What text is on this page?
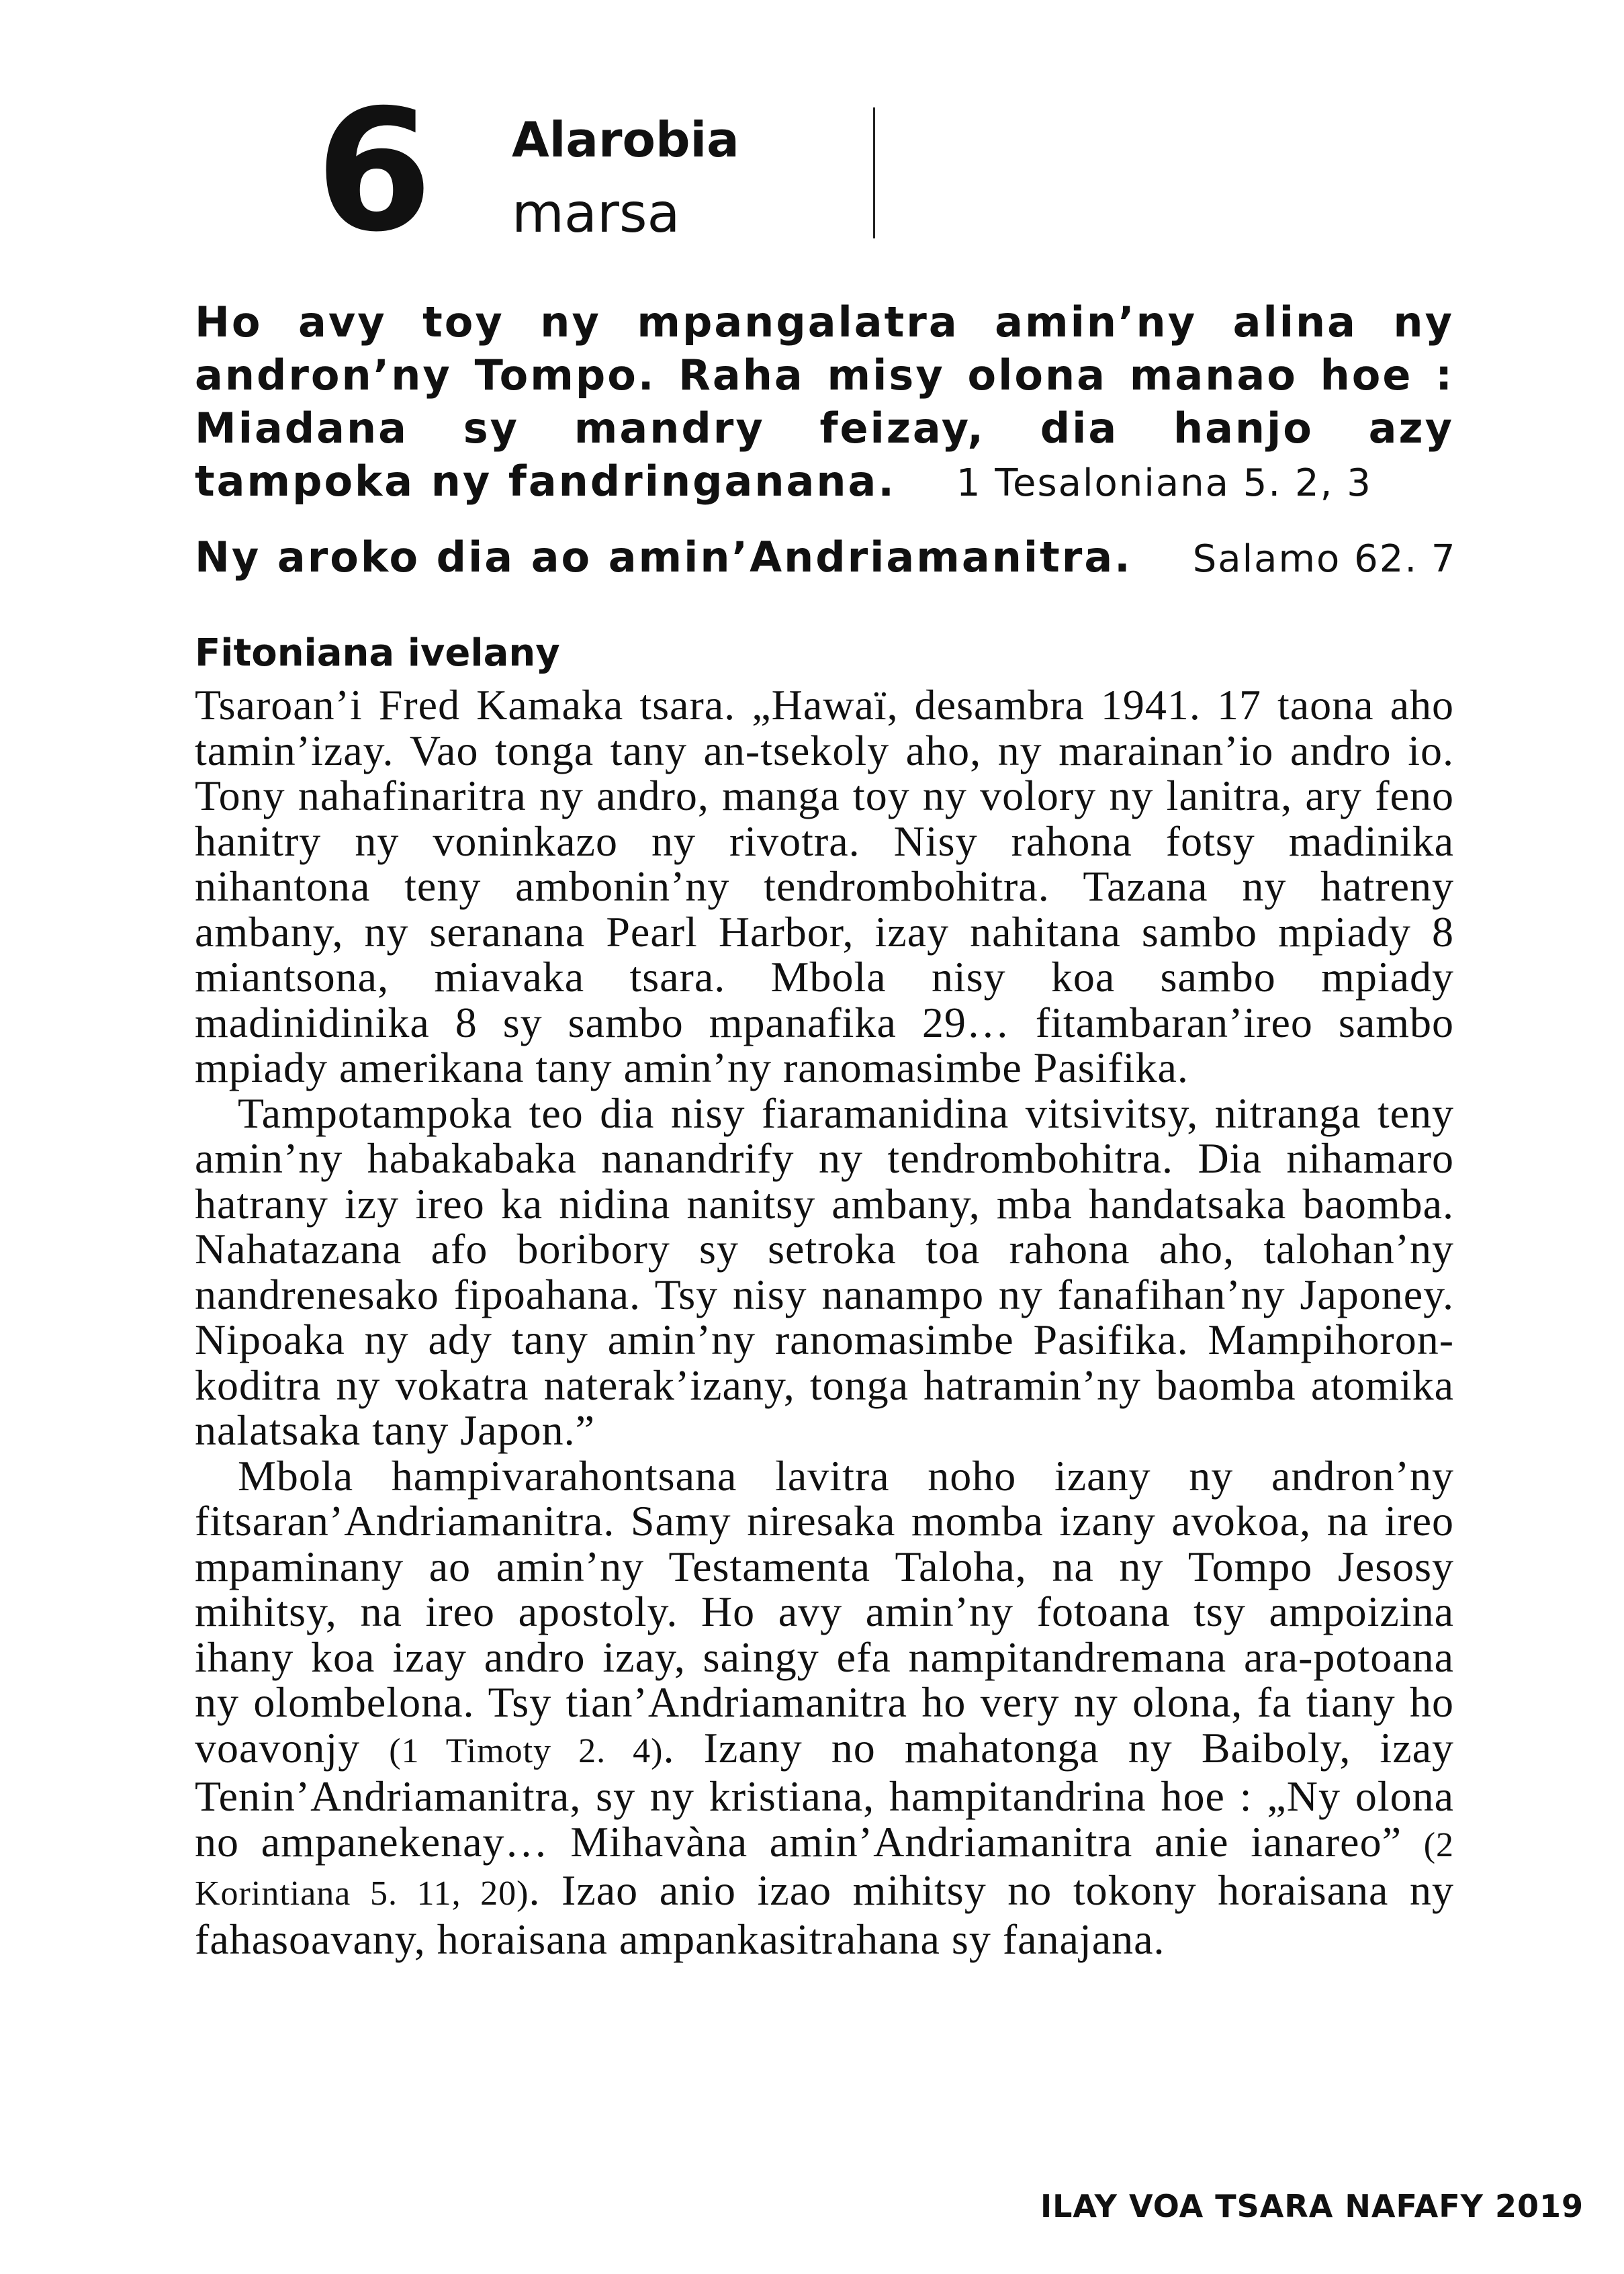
6	Alarobia
marsa
Ho avy toy ny mpangalatra amin’ny alina ny andron’ny Tompo. Raha misy olona manao hoe : Miadana sy mandry feizay, dia hanjo azy tampoka ny fandringanana. 1 Tesaloniana 5. 2, 3
Ny aroko dia ao amin’Andriamanitra. Salamo 62. 7
Fitoniana ivelany

Tsaroan’i Fred Kamaka tsara. „Hawaï, desambra 1941. 17 taona aho tamin’izay. Vao tonga tany an-tsekoly aho, ny marainan’io andro io. Tony nahafinaritra ny andro, manga toy ny volory ny lanitra, ary feno hanitry ny voninkazo ny rivotra. Nisy rahona fotsy madinika nihantona teny ambonin’ny tendrombohitra. Tazana ny hatreny ambany, ny seranana Pearl Harbor, izay nahitana sambo mpiady 8 miantsona, miavaka tsara. Mbola nisy koa sambo mpiady madinidinika 8 sy sambo mpanafika 29… fitambaran’ireo sambo mpiady amerikana tany amin’ny ranomasimbe Pasifika.

Tampotampoka teo dia nisy fiaramanidina vitsivitsy, nitranga teny amin’ny habakabaka nanandrify ny tendrombohitra. Dia nihamaro hatrany izy ireo ka nidina nanitsy ambany, mba handatsaka baomba. Nahatazana afo boribory sy setroka toa rahona aho, talohan’ny nandrenesako fipoahana. Tsy nisy nanampo ny fanafihan’ny Japoney. Nipoaka ny ady tany amin’ny ranomasimbe Pasifika. Mampihoron-koditra ny vokatra naterak’izany, tonga hatramin’ny baomba atomika nalatsaka tany Japon.”

Mbola hampivarahontsana lavitra noho izany ny andron’ny fitsaran’Andriamanitra. Samy niresaka momba izany avokoa, na ireo mpaminany ao amin’ny Testamenta Taloha, na ny Tompo Jesosy mihitsy, na ireo apostoly. Ho avy amin’ny fotoana tsy ampoizina ihany koa izay andro izay, saingy efa nampitandremana ara-potoana ny olombelona. Tsy tian’Andriamanitra ho very ny olona, fa tiany ho voavonjy (1 Timoty 2. 4). Izany no mahatonga ny Baiboly, izay Tenin’Andriamanitra, sy ny kristiana, hampitandrina hoe : „Ny olona no ampanekenay… Mihavàna amin’Andriamanitra anie ianareo” (2 Korintiana 5. 11, 20). Izao anio izao mihitsy no tokony horaisana ny fahasoavany, horaisana ampankasitrahana sy fanajana.

ILAY VOA TSARA NAFAFY 2019
